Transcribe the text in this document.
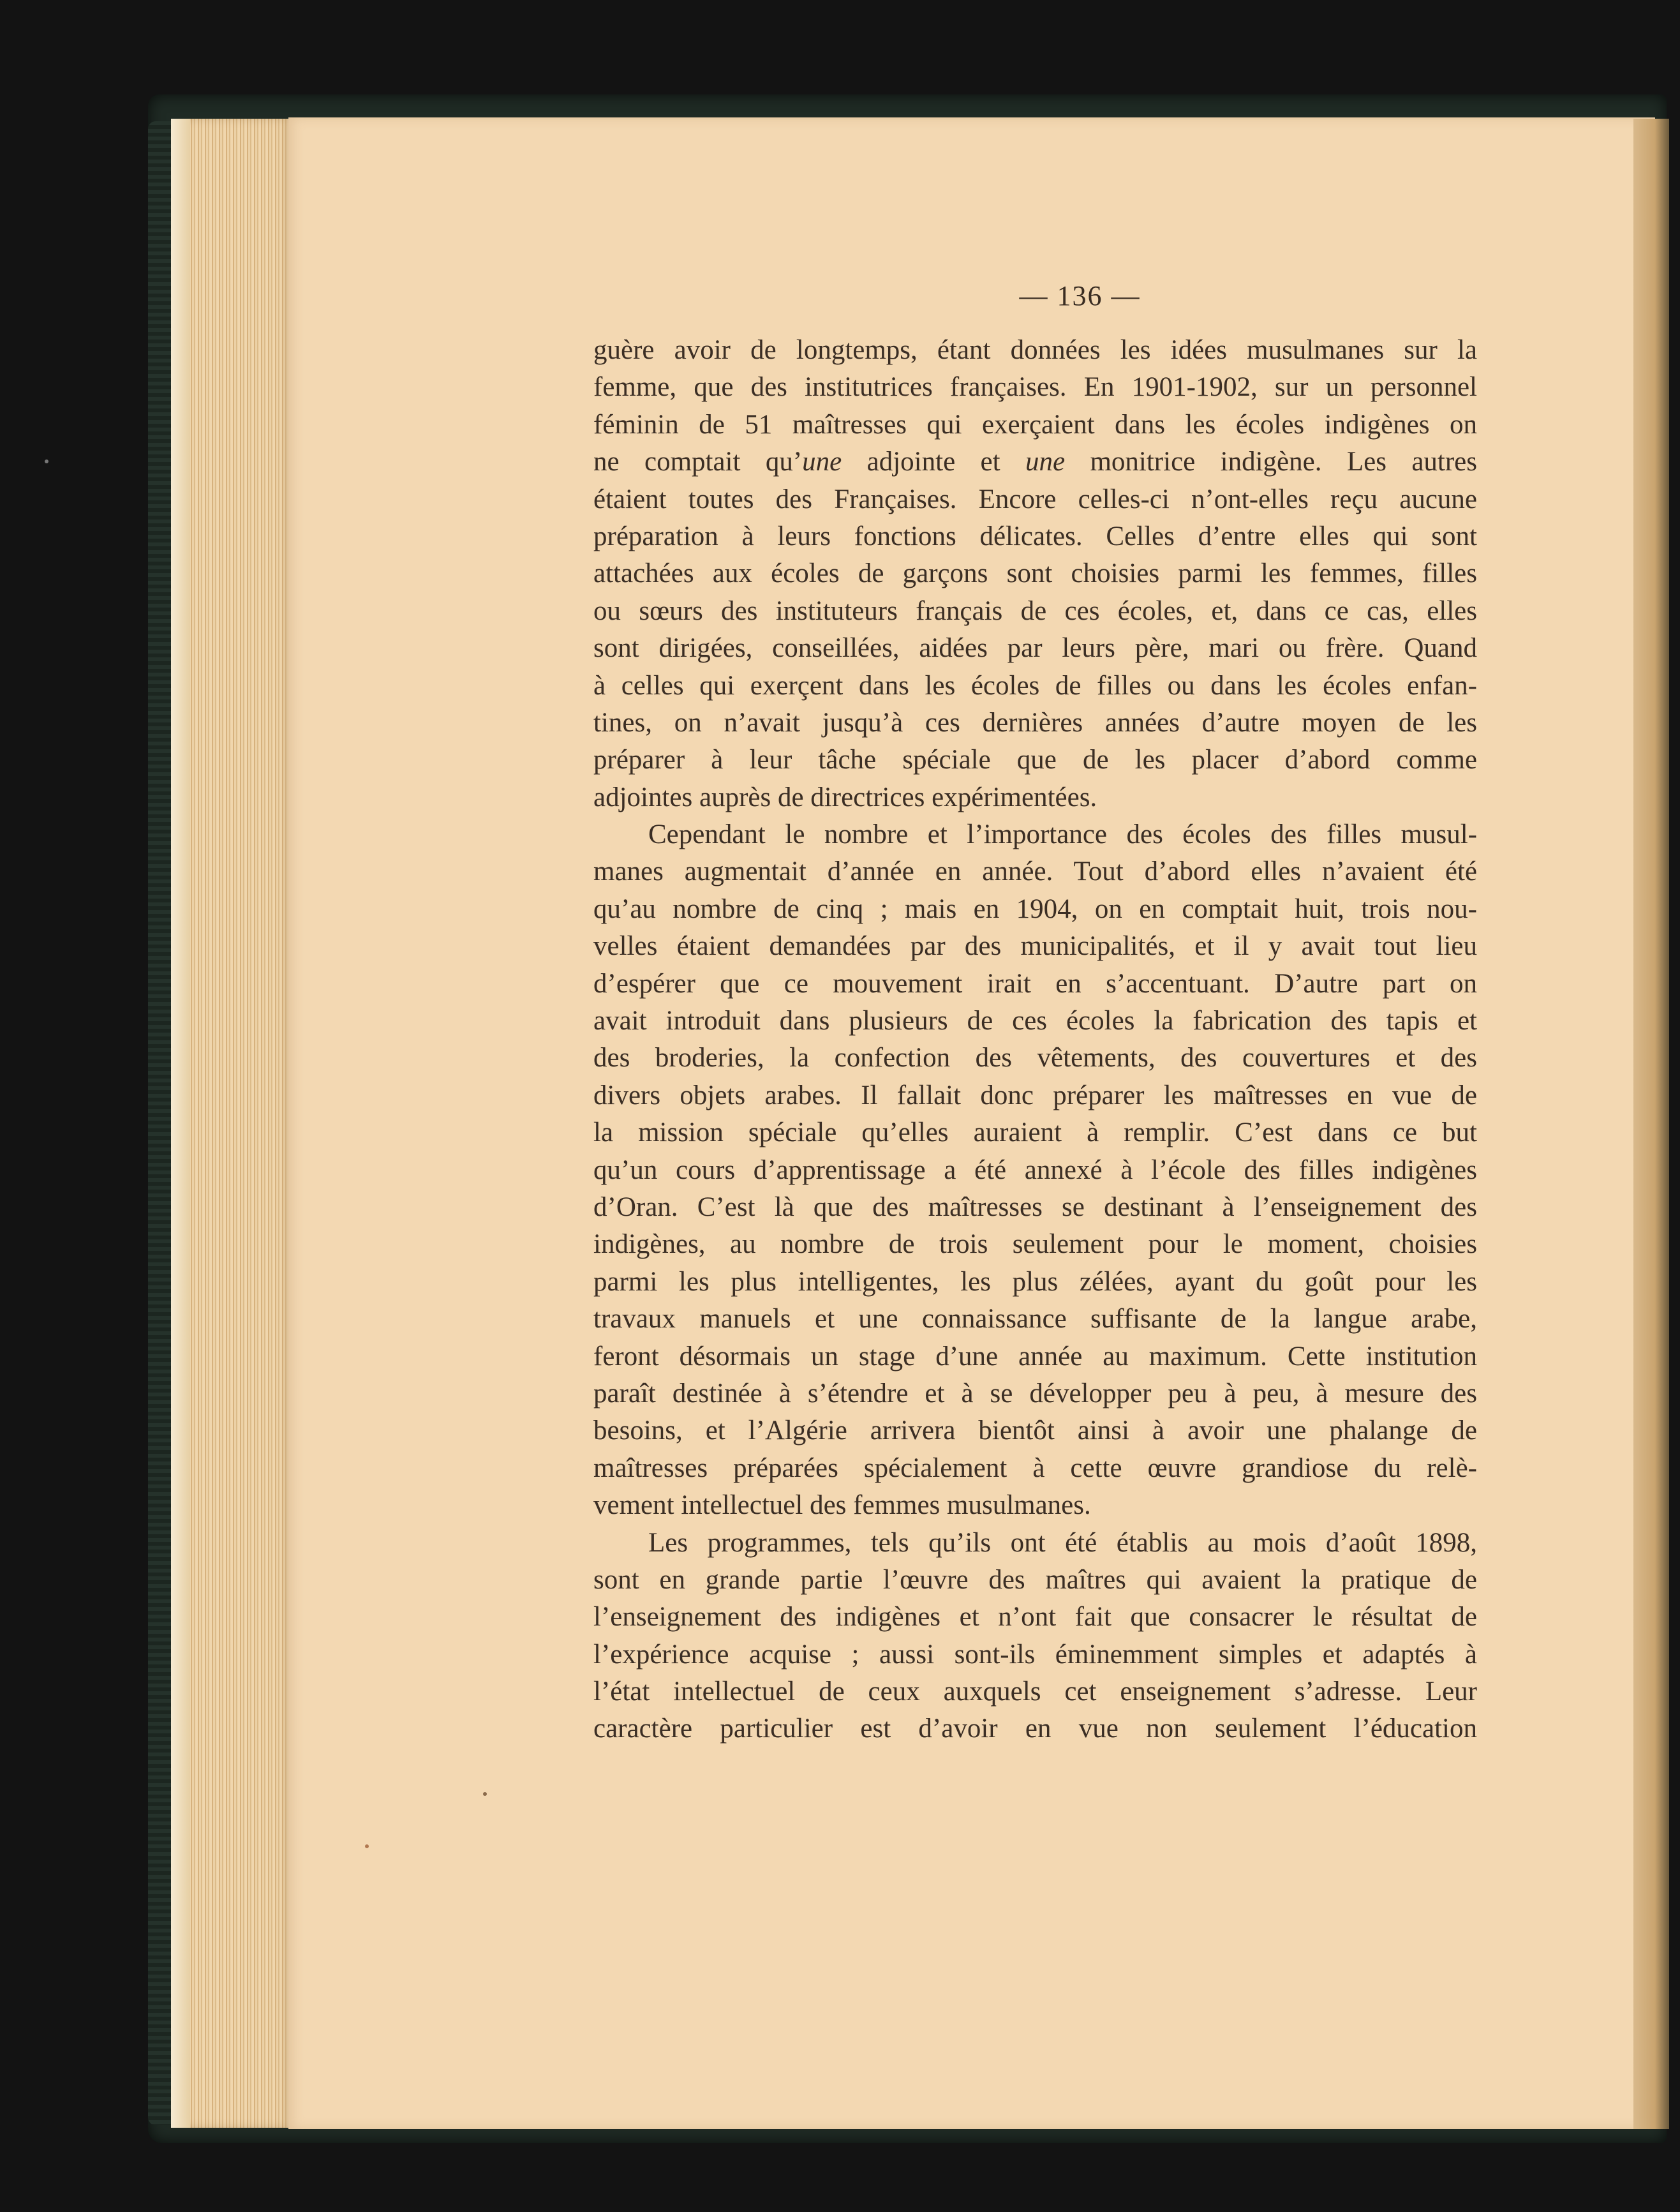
— 136 —
guère avoir de longtemps, étant données les idées musulmanes sur la
femme, que des institutrices françaises. En 1901-1902, sur un personnel
féminin de 51 maîtresses qui exerçaient dans les écoles indigènes on
ne comptait qu’une adjointe et une monitrice indigène. Les autres
étaient toutes des Françaises. Encore celles-ci n’ont-elles reçu aucune
préparation à leurs fonctions délicates. Celles d’entre elles qui sont
attachées aux écoles de garçons sont choisies parmi les femmes, filles
ou sœurs des instituteurs français de ces écoles, et, dans ce cas, elles
sont dirigées, conseillées, aidées par leurs père, mari ou frère. Quand
à celles qui exerçent dans les écoles de filles ou dans les écoles enfan-
tines, on n’avait jusqu’à ces dernières années d’autre moyen de les
préparer à leur tâche spéciale que de les placer d’abord comme
adjointes auprès de directrices expérimentées.
Cependant le nombre et l’importance des écoles des filles musul-
manes augmentait d’année en année. Tout d’abord elles n’avaient été
qu’au nombre de cinq ; mais en 1904, on en comptait huit, trois nou-
velles étaient demandées par des municipalités, et il y avait tout lieu
d’espérer que ce mouvement irait en s’accentuant. D’autre part on
avait introduit dans plusieurs de ces écoles la fabrication des tapis et
des broderies, la confection des vêtements, des couvertures et des
divers objets arabes. Il fallait donc préparer les maîtresses en vue de
la mission spéciale qu’elles auraient à remplir. C’est dans ce but
qu’un cours d’apprentissage a été annexé à l’école des filles indigènes
d’Oran. C’est là que des maîtresses se destinant à l’enseignement des
indigènes, au nombre de trois seulement pour le moment, choisies
parmi les plus intelligentes, les plus zélées, ayant du goût pour les
travaux manuels et une connaissance suffisante de la langue arabe,
feront désormais un stage d’une année au maximum. Cette institution
paraît destinée à s’étendre et à se développer peu à peu, à mesure des
besoins, et l’Algérie arrivera bientôt ainsi à avoir une phalange de
maîtresses préparées spécialement à cette œuvre grandiose du relè-
vement intellectuel des femmes musulmanes.
Les programmes, tels qu’ils ont été établis au mois d’août 1898,
sont en grande partie l’œuvre des maîtres qui avaient la pratique de
l’enseignement des indigènes et n’ont fait que consacrer le résultat de
l’expérience acquise ; aussi sont-ils éminemment simples et adaptés à
l’état intellectuel de ceux auxquels cet enseignement s’adresse. Leur
caractère particulier est d’avoir en vue non seulement l’éducation
